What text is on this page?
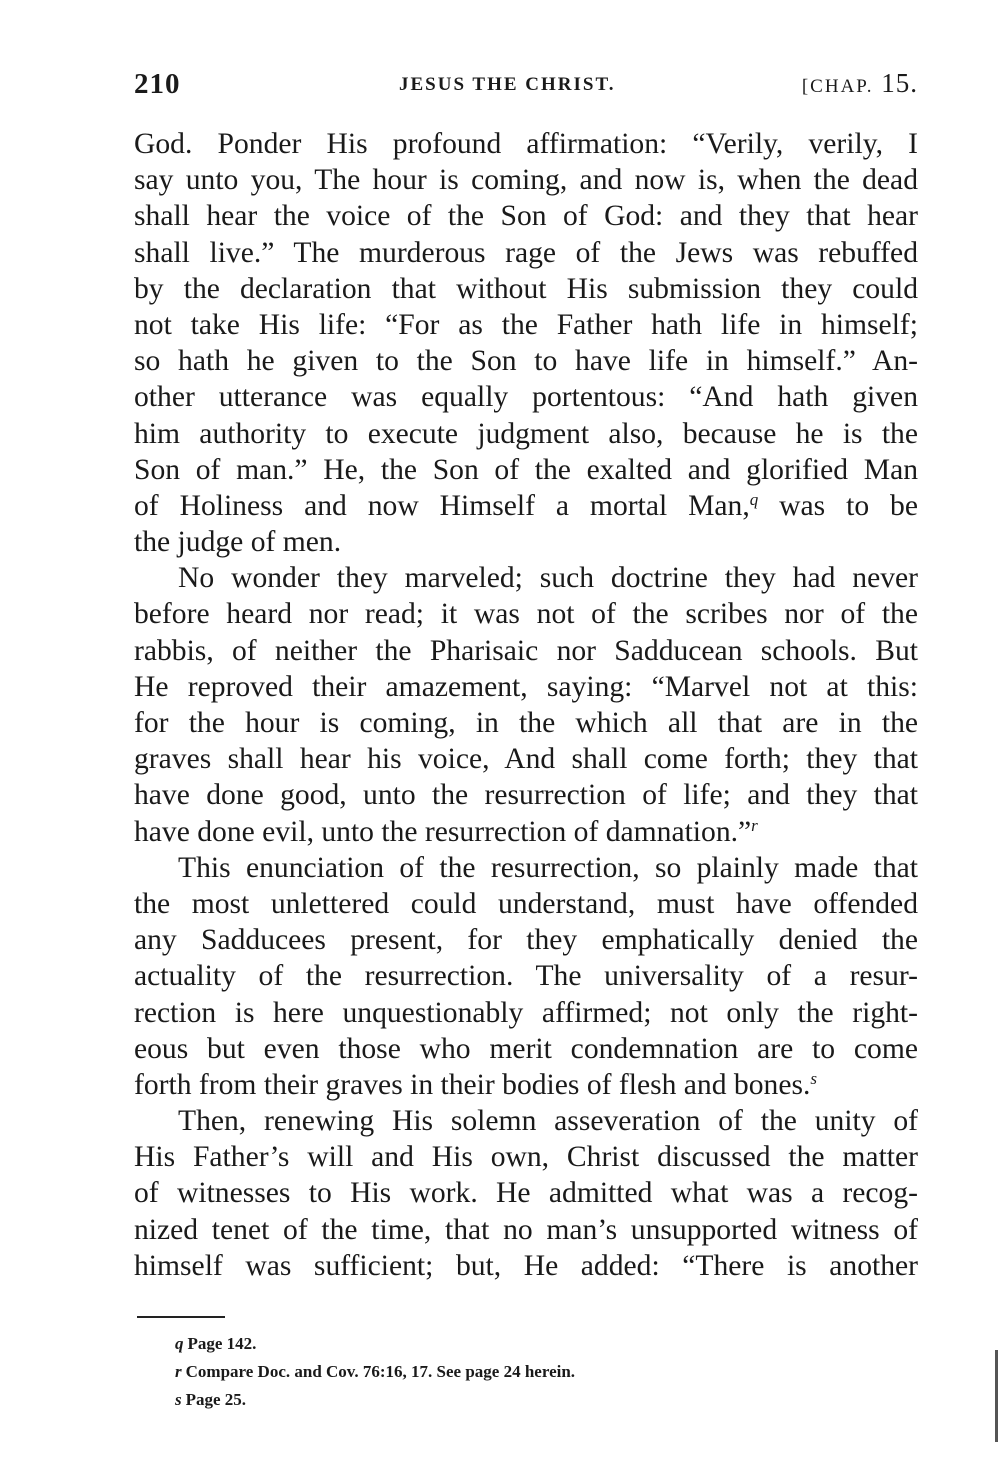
210	JESUS THE CHRIST.	[CHAP. 15.
God. Ponder His profound affirmation: “Verily, verily, I
say unto you, The hour is coming, and now is, when the dead
shall hear the voice of the Son of God: and they that hear
shall live.” The murderous rage of the Jews was rebuffed
by the declaration that without His submission they could
not take His life: “For as the Father hath life in himself;
so hath he given to the Son to have life in himself.” An-
other utterance was equally portentous: “And hath given
him authority to execute judgment also, because he is the
Son of man.” He, the Son of the exalted and glorified Man
of Holiness and now Himself a mortal Man,$^q$ was to be
the judge of men.
No wonder they marveled; such doctrine they had never
before heard nor read; it was not of the scribes nor of the
rabbis, of neither the Pharisaic nor Sadducean schools. But
He reproved their amazement, saying: “Marvel not at this:
for the hour is coming, in the which all that are in the
graves shall hear his voice, And shall come forth; they that
have done good, unto the resurrection of life; and they that
have done evil, unto the resurrection of damnation.”$^r$
This enunciation of the resurrection, so plainly made that
the most unlettered could understand, must have offended
any Sadducees present, for they emphatically denied the
actuality of the resurrection. The universality of a resur-
rection is here unquestionably affirmed; not only the right-
eous but even those who merit condemnation are to come
forth from their graves in their bodies of flesh and bones.$^s$
Then, renewing His solemn asseveration of the unity of
His Father’s will and His own, Christ discussed the matter
of witnesses to His work. He admitted what was a recog-
nized tenet of the time, that no man’s unsupported witness of
himself was sufficient; but, He added: “There is another
q Page 142.
r Compare Doc. and Cov. 76:16, 17. See page 24 herein.
s Page 25.
